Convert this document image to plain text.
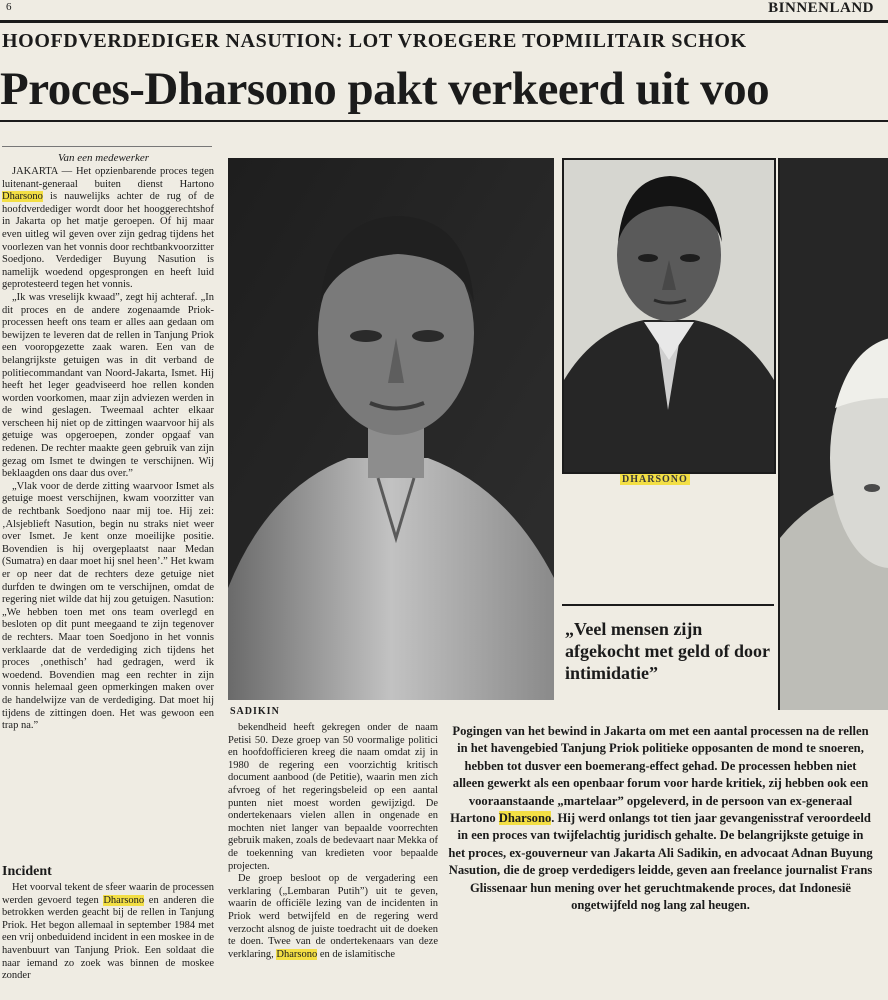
6	BINNENLAND
HOOFDVERDEDIGER NASUTION: LOT VROEGERE TOPMILITAIR SCHOK
Proces-Dharsono pakt verkeerd uit voo
Van een medewerker

JAKARTA — Het opzienbarende proces tegen luitenant-generaal buiten dienst Hartono Dharsono is nauwelijks achter de rug of de hoofdverdediger wordt door het hooggerechtshof in Jakarta op het matje geroepen. Of hij maar even uitleg wil geven over zijn gedrag tijdens het voorlezen van het vonnis door rechtbankvoorzitter Soedjono. Verdediger Buyung Nasution is namelijk woedend opgesprongen en heeft luid geprotesteerd tegen het vonnis.

„Ik was vreselijk kwaad”, zegt hij achteraf. „In dit proces en de andere zogenaamde Priok-processen heeft ons team er alles aan gedaan om bewijzen te leveren dat de rellen in Tanjung Priok een vooropgezette zaak waren. Een van de belangrijkste getuigen was in dit verband de politiecommandant van Noord-Jakarta, Ismet. Hij heeft het leger geadviseerd hoe rellen konden worden voorkomen, maar zijn adviezen werden in de wind geslagen. Tweemaal achter elkaar verscheen hij niet op de zittingen waarvoor hij als getuige was opgeroepen, zonder opgaaf van redenen. De rechter maakte geen gebruik van zijn gezag om Ismet te dwingen te verschijnen. Wij beklaagden ons daar dus over.”

„Vlak voor de derde zitting waarvoor Ismet als getuige moest verschijnen, kwam voorzitter van de rechtbank Soedjono naar mij toe. Hij zei: ‚Alsjeblieft Nasution, begin nu straks niet weer over Ismet. Je kent onze moeilijke positie. Bovendien is hij overgeplaatst naar Medan (Sumatra) en daar moet hij snel heen’.” Het kwam er op neer dat de rechters deze getuige niet durfden te dwingen om te verschijnen, omdat de regering niet wilde dat hij zou getuigen. Nasution: „We hebben toen met ons team overlegd en besloten op dit punt meegaand te zijn tegenover de rechters. Maar toen Soedjono in het vonnis verklaarde dat de verdediging zich tijdens het proces ‚onethisch’ had gedragen, werd ik woedend. Bovendien mag een rechter in zijn vonnis helemaal geen opmerkingen maken over de handelwijze van de verdediging. Dat moet hij tijdens de zittingen doen. Het was gewoon een trap na.”

Incident

Het voorval tekent de sfeer waarin de processen werden gevoerd tegen Dharsono en anderen die betrokken werden geacht bij de rellen in Tanjung Priok. Het begon allemaal in september 1984 met een vrij onbeduidend incident in een moskee in de havenbuurt van Tanjung Priok. Een soldaat die naar iemand zo zoek was binnen de moskee zonder

SADIKIN

bekendheid heeft gekregen onder de naam Petisi 50. Deze groep van 50 voormalige politici en hoofdofficieren kreeg die naam omdat zij in 1980 de regering een voorzichtig kritisch document aanbood (de Petitie), waarin men zich afvroeg of het regeringsbeleid op een aantal punten niet moest worden gewijzigd. De ondertekenaars vielen allen in ongenade en mochten niet langer van bepaalde voorrechten gebruik maken, zoals de bedevaart naar Mekka of de toekenning van kredieten voor bepaalde projecten.

De groep besloot op de vergadering een verklaring („Lembaran Putih”) uit te geven, waarin de officiële lezing van de incidenten in Priok werd betwijfeld en de regering werd verzocht alsnog de juiste toedracht uit de doeken te doen. Twee van de ondertekenaars van deze verklaring, Dharsono en de islamitische

DHARSONO
„Veel mensen zijn afgekocht met geld of door intimidatie”
Pogingen van het bewind in Jakarta om met een aantal processen na de rellen in het havengebied Tanjung Priok politieke opposanten de mond te snoeren, hebben tot dusver een boemerang-effect gehad. De processen hebben niet alleen gewerkt als een openbaar forum voor harde kritiek, zij hebben ook een vooraanstaande „martelaar” opgeleverd, in de persoon van ex-generaal Hartono Dharsono. Hij werd onlangs tot tien jaar gevangenisstraf veroordeeld in een proces van twijfelachtig juridisch gehalte. De belangrijkste getuige in het proces, ex-gouverneur van Jakarta Ali Sadikin, en advocaat Adnan Buyung Nasution, die de groep verdedigers leidde, geven aan freelance journalist Frans Glissenaar hun mening over het geruchtmakende proces, dat Indonesië ongetwijfeld nog lang zal heugen.
